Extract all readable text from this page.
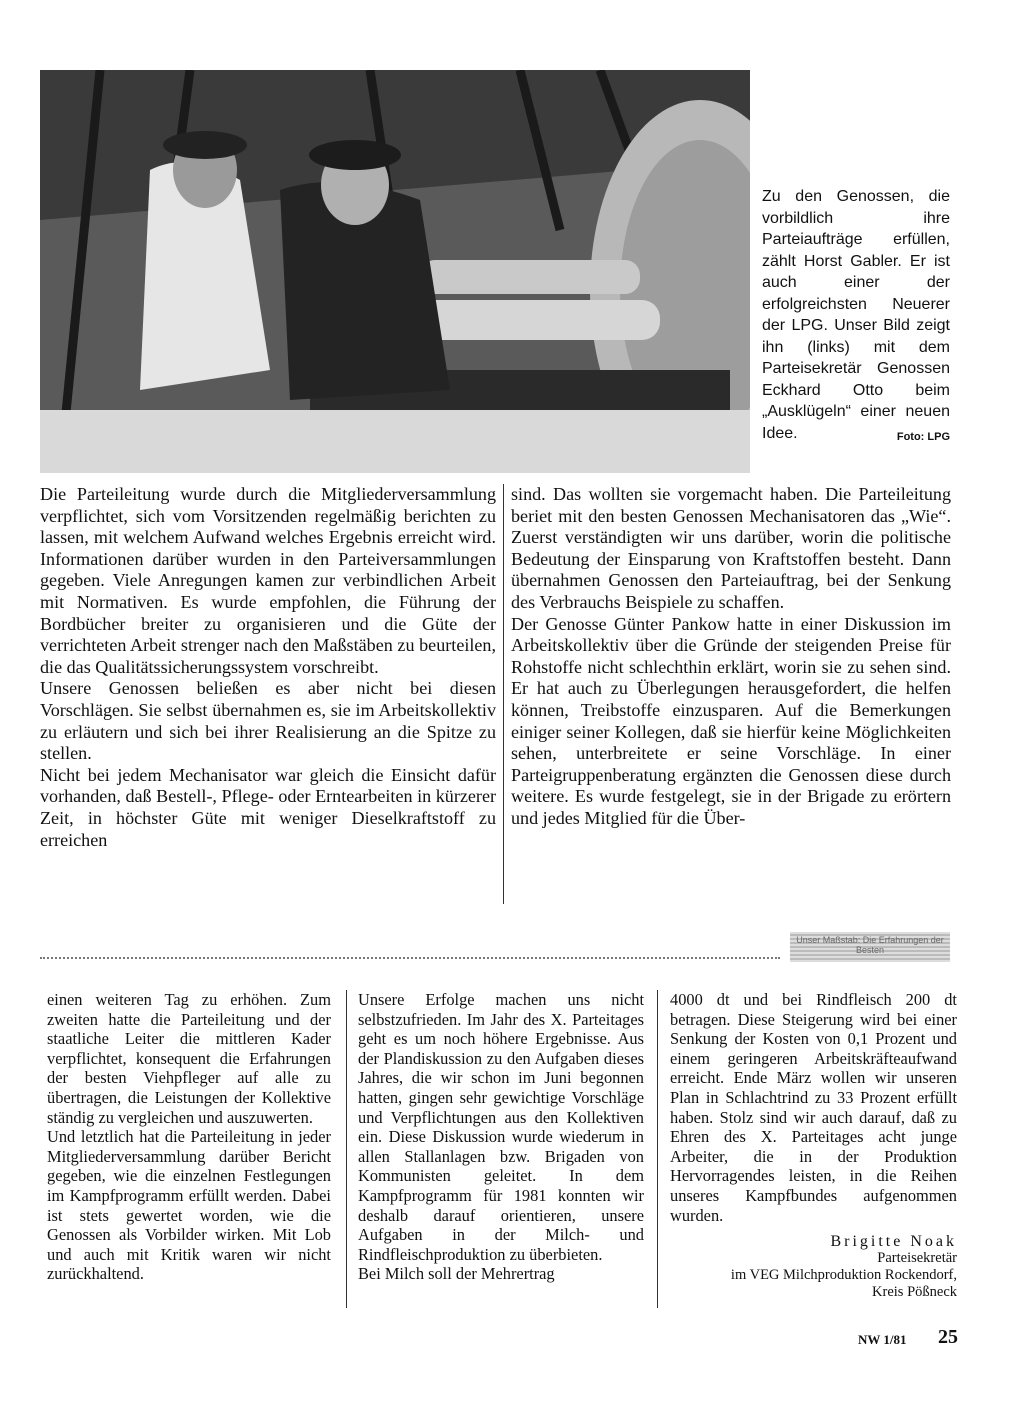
Zu den Genossen, die vorbildlich ihre Parteiaufträge erfüllen, zählt Horst Gabler. Er ist auch einer der erfolgreichsten Neuerer der LPG. Unser Bild zeigt ihn (links) mit dem Parteisekretär Genossen Eckhard Otto beim „Ausklügeln“ einer neuen Idee.	Foto: LPG

Die Parteileitung wurde durch die Mitgliederversammlung verpflichtet, sich vom Vorsitzenden regelmäßig berichten zu lassen, mit welchem Aufwand welches Ergebnis erreicht wird. Informationen darüber wurden in den Parteiversammlungen gegeben. Viele Anregungen kamen zur verbindlichen Arbeit mit Normativen. Es wurde empfohlen, die Führung der Bordbücher breiter zu organisieren und die Güte der verrichteten Arbeit strenger nach den Maßstäben zu beurteilen, die das Qualitätssicherungssystem vorschreibt.

Unsere Genossen beließen es aber nicht bei diesen Vorschlägen. Sie selbst übernahmen es, sie im Arbeitskollektiv zu erläutern und sich bei ihrer Realisierung an die Spitze zu stellen.

Nicht bei jedem Mechanisator war gleich die Einsicht dafür vorhanden, daß Bestell-, Pflege- oder Erntearbeiten in kürzerer Zeit, in höchster Güte mit weniger Dieselkraftstoff zu erreichen

sind. Das wollten sie vorgemacht haben. Die Parteileitung beriet mit den besten Genossen Mechanisatoren das „Wie“. Zuerst verständigten wir uns darüber, worin die politische Bedeutung der Einsparung von Kraftstoffen besteht. Dann übernahmen Genossen den Parteiauftrag, bei der Senkung des Verbrauchs Beispiele zu schaffen.

Der Genosse Günter Pankow hatte in einer Diskussion im Arbeitskollektiv über die Gründe der steigenden Preise für Rohstoffe nicht schlechthin erklärt, worin sie zu sehen sind. Er hat auch zu Überlegungen herausgefordert, die helfen können, Treibstoffe einzusparen. Auf die Bemerkungen einiger seiner Kollegen, daß sie hierfür keine Möglichkeiten sehen, unterbreitete er seine Vorschläge. In einer Parteigruppenberatung ergänzten die Genossen diese durch weitere. Es wurde festgelegt, sie in der Brigade zu erörtern und jedes Mitglied für die Über-

Unser Maßstab: Die Erfahrungen der Besten

einen weiteren Tag zu erhöhen. Zum zweiten hatte die Parteileitung und der staatliche Leiter die mittleren Kader verpflichtet, konsequent die Erfahrungen der besten Viehpfleger auf alle zu übertragen, die Leistungen der Kollektive ständig zu vergleichen und auszuwerten.

Und letztlich hat die Parteileitung in jeder Mitgliederversammlung darüber Bericht gegeben, wie die einzelnen Festlegungen im Kampfprogramm erfüllt werden. Dabei ist stets gewertet worden, wie die Genossen als Vorbilder wirken. Mit Lob und auch mit Kritik waren wir nicht zurückhaltend.

Unsere Erfolge machen uns nicht selbstzufrieden. Im Jahr des X. Parteitages geht es um noch höhere Ergebnisse. Aus der Plandiskussion zu den Aufgaben dieses Jahres, die wir schon im Juni begonnen hatten, gingen sehr gewichtige Vorschläge und Verpflichtungen aus den Kollektiven ein. Diese Diskussion wurde wiederum in allen Stallanlagen bzw. Brigaden von Kommunisten geleitet. In dem Kampfprogramm für 1981 konnten wir deshalb darauf orientieren, unsere Aufgaben in der Milch- und Rindfleischproduktion zu überbieten.

Bei Milch soll der Mehrertrag

4000 dt und bei Rindfleisch 200 dt betragen. Diese Steigerung wird bei einer Senkung der Kosten von 0,1 Prozent und einem geringeren Arbeitskräfteaufwand erreicht. Ende März wollen wir unseren Plan in Schlachtrind zu 33 Prozent erfüllt haben. Stolz sind wir auch darauf, daß zu Ehren des X. Parteitages acht junge Arbeiter, die in der Produktion Hervorragendes leisten, in die Reihen unseres Kampfbundes aufgenommen wurden.

Brigitte Noak
Parteisekretär
im VEG Milchproduktion Rockendorf,
Kreis Pößneck
NW 1/81 25
